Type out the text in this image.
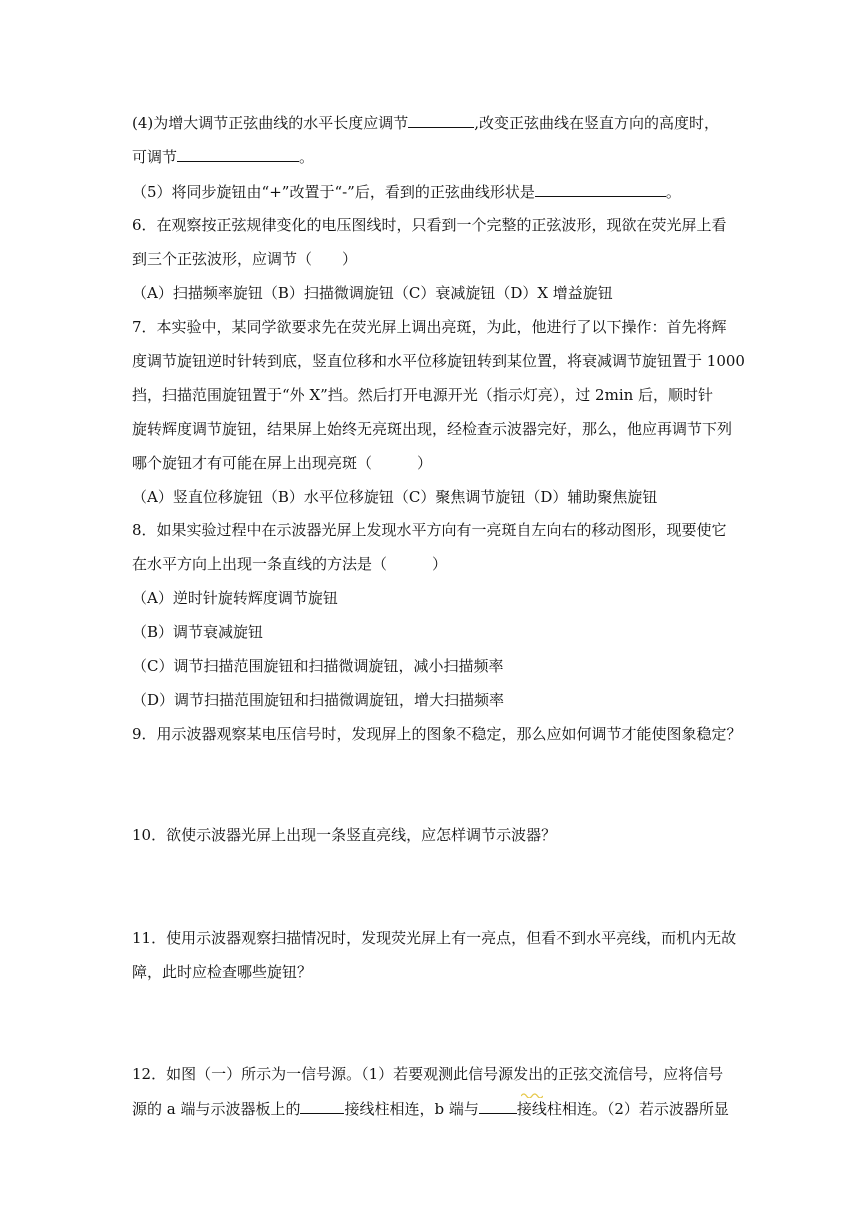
(4)为增大调节正弦曲线的水平长度应调节	,改变正弦曲线在竖直方向的高度时，
可调节	。
（5）将同步旋钮由“+”改置于“-”后，看到的正弦曲线形状是	。
6．在观察按正弦规律变化的电压图线时，只看到一个完整的正弦波形，现欲在荧光屏上看
到三个正弦波形，应调节（　　）
（A）扫描频率旋钮（B）扫描微调旋钮（C）衰减旋钮（D）X 增益旋钮
7．本实验中，某同学欲要求先在荧光屏上调出亮斑，为此，他进行了以下操作：首先将辉
度调节旋钮逆时针转到底，竖直位移和水平位移旋钮转到某位置，将衰减调节旋钮置于 1000
挡，扫描范围旋钮置于“外 X”挡。然后打开电源开光（指示灯亮），过 2min 后，顺时针
旋转辉度调节旋钮，结果屏上始终无亮斑出现，经检查示波器完好，那么，他应再调节下列
哪个旋钮才有可能在屏上出现亮斑（　　　）
（A）竖直位移旋钮（B）水平位移旋钮（C）聚焦调节旋钮（D）辅助聚焦旋钮
8．如果实验过程中在示波器光屏上发现水平方向有一亮斑自左向右的移动图形，现要使它
在水平方向上出现一条直线的方法是（　　　）
（A）逆时针旋转辉度调节旋钮
（B）调节衰减旋钮
（C）调节扫描范围旋钮和扫描微调旋钮，减小扫描频率
（D）调节扫描范围旋钮和扫描微调旋钮，增大扫描频率
9．用示波器观察某电压信号时，发现屏上的图象不稳定，那么应如何调节才能使图象稳定？
10．欲使示波器光屏上出现一条竖直亮线，应怎样调节示波器？
11．使用示波器观察扫描情况时，发现荧光屏上有一亮点，但看不到水平亮线，而机内无故
障，此时应检查哪些旋钮？
12．如图（一）所示为一信号源。（1）若要观测此信号源发出的正弦交流信号，应将信号
源的 a 端与示波器板上的	接线柱相连，b 端与	接线柱相连。（2）若示波器所显
